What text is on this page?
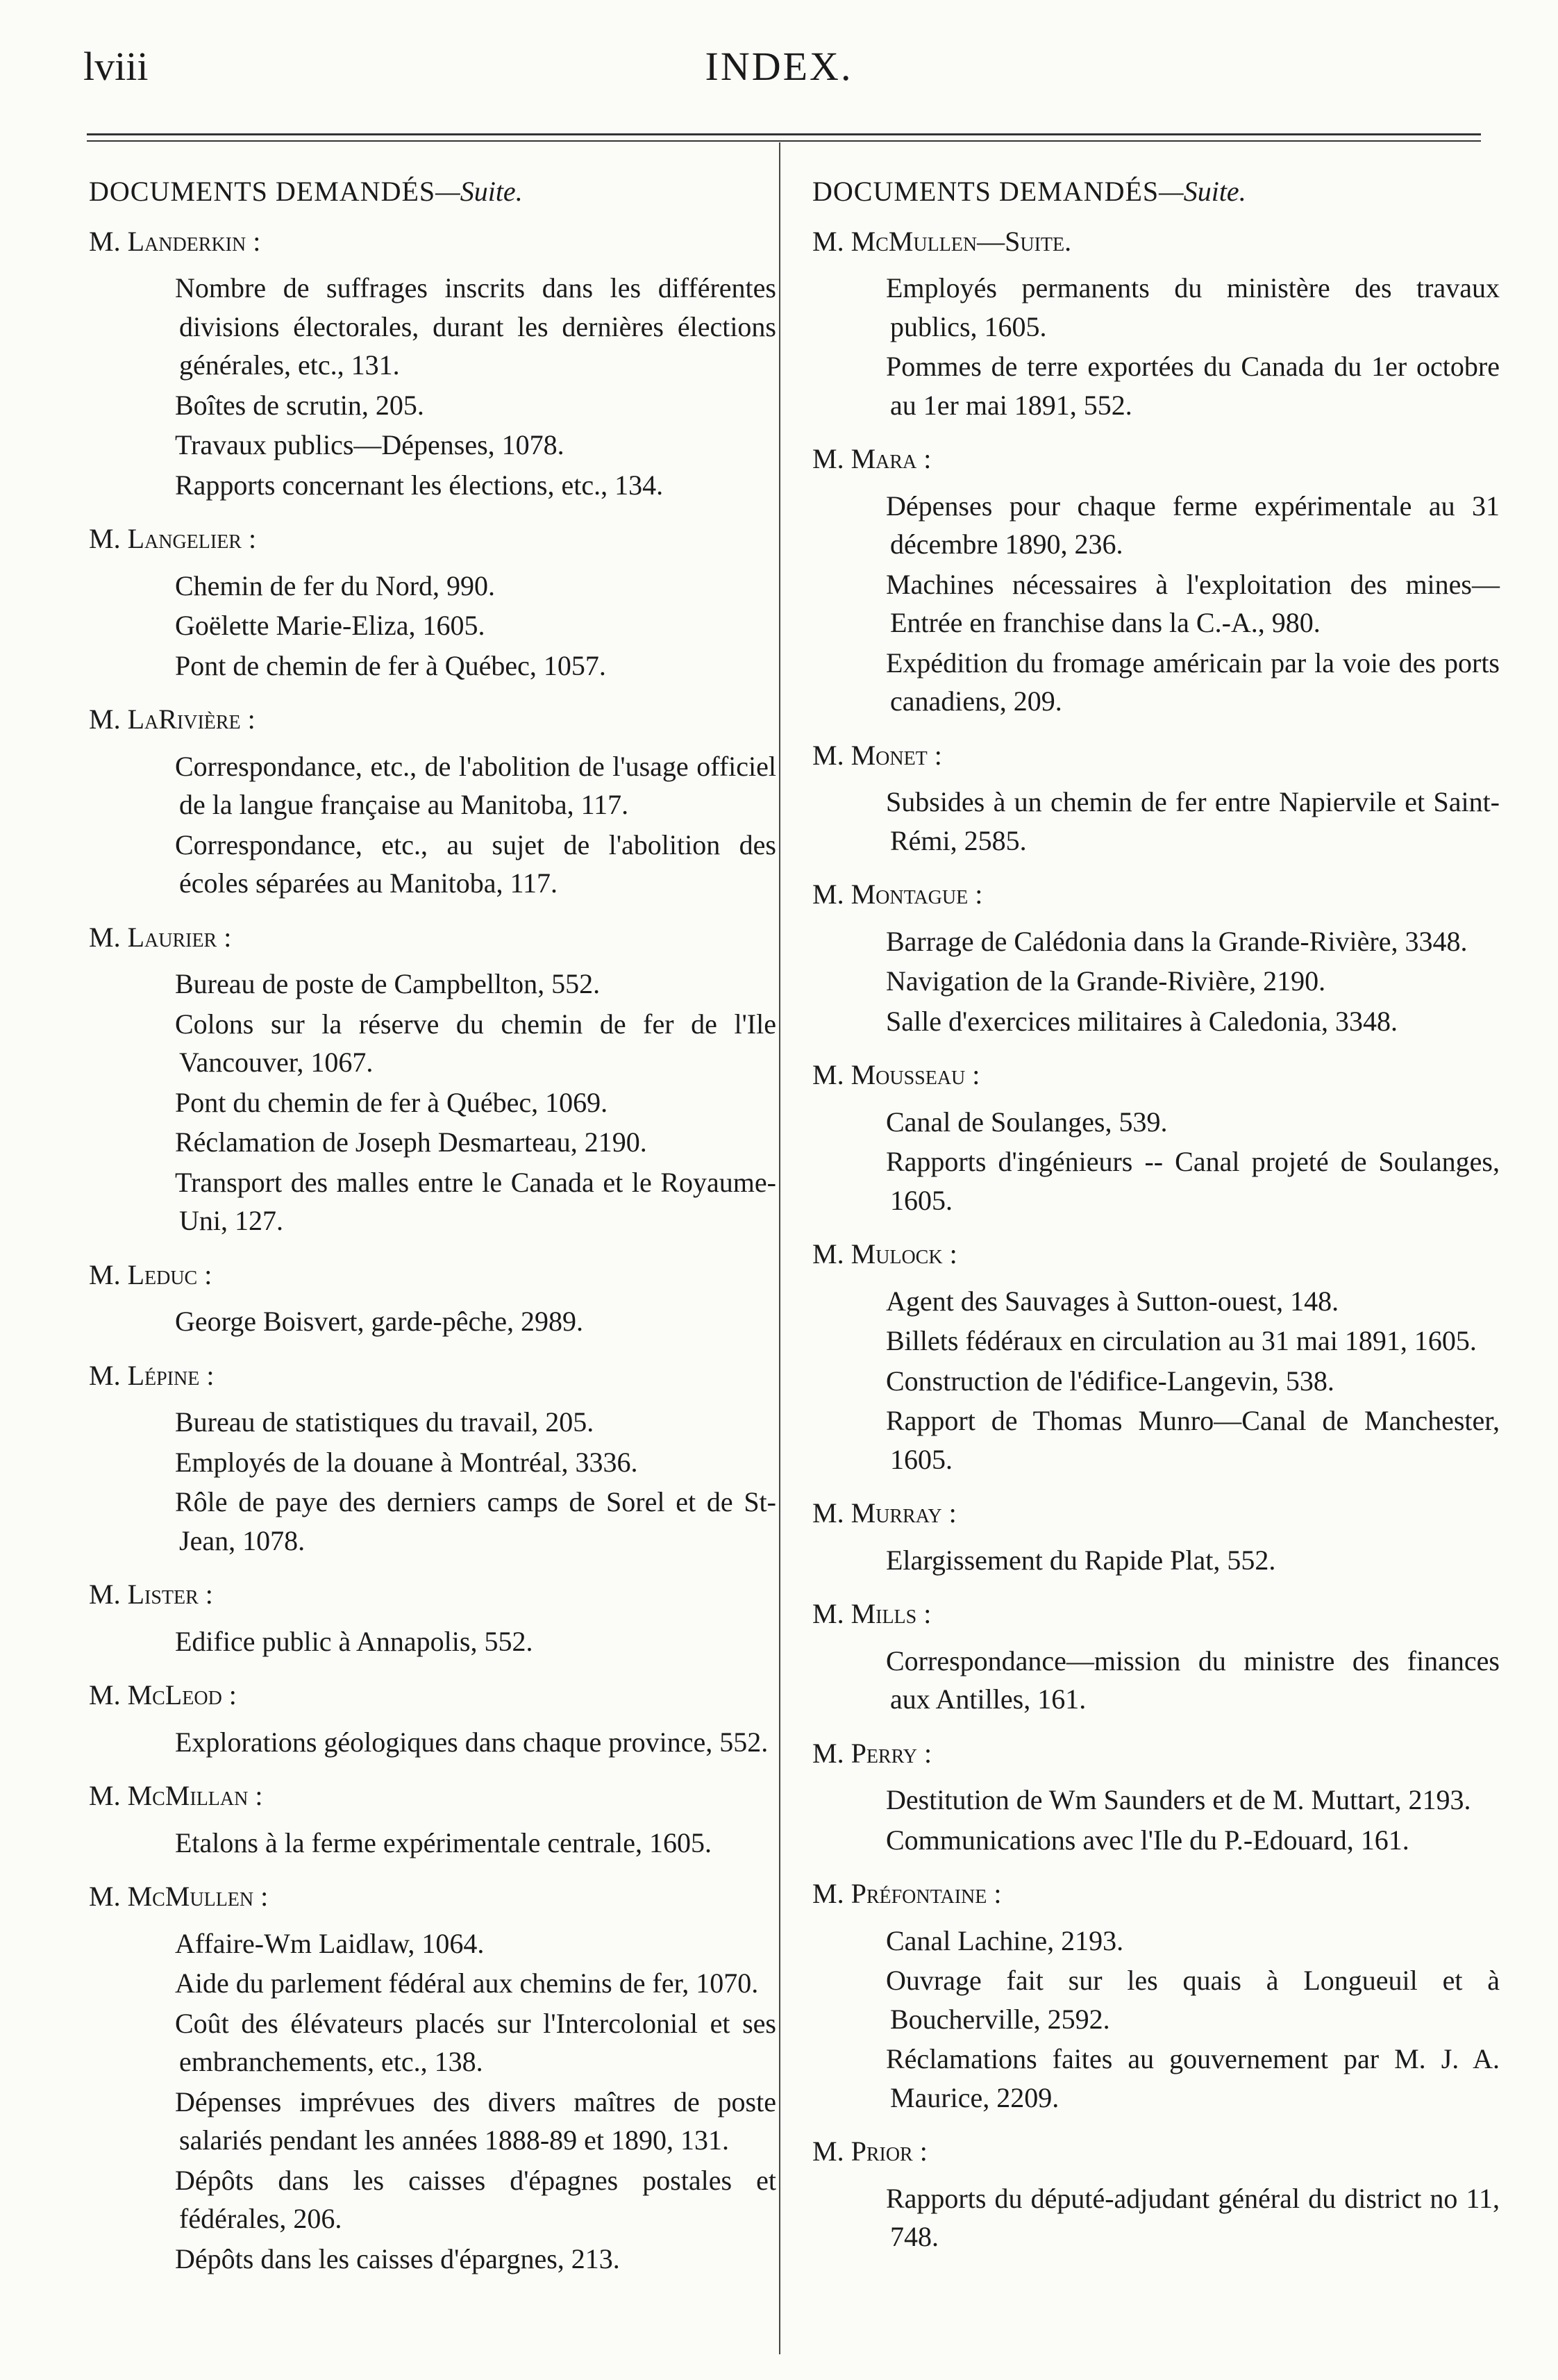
lviii	INDEX.
DOCUMENTS DEMANDÉS—Suite.
M. Landerkin :
Nombre de suffrages inscrits dans les différentes divisions électorales, durant les dernières élections générales, etc., 131.
Boîtes de scrutin, 205.
Travaux publics—Dépenses, 1078.
Rapports concernant les élections, etc., 134.
M. Langelier :
Chemin de fer du Nord, 990.
Goëlette Marie-Eliza, 1605.
Pont de chemin de fer à Québec, 1057.
M. LaRivière :
Correspondance, etc., de l'abolition de l'usage officiel de la langue française au Manitoba, 117.
Correspondance, etc., au sujet de l'abolition des écoles séparées au Manitoba, 117.
M. Laurier :
Bureau de poste de Campbellton, 552.
Colons sur la réserve du chemin de fer de l'Ile Vancouver, 1067.
Pont du chemin de fer à Québec, 1069.
Réclamation de Joseph Desmarteau, 2190.
Transport des malles entre le Canada et le Royaume-Uni, 127.
M. Leduc :
George Boisvert, garde-pêche, 2989.
M. Lépine :
Bureau de statistiques du travail, 205.
Employés de la douane à Montréal, 3336.
Rôle de paye des derniers camps de Sorel et de St-Jean, 1078.
M. Lister :
Edifice public à Annapolis, 552.
M. McLeod :
Explorations géologiques dans chaque province, 552.
M. McMillan :
Etalons à la ferme expérimentale centrale, 1605.
M. McMullen :
Affaire-Wm Laidlaw, 1064.
Aide du parlement fédéral aux chemins de fer, 1070.
Coût des élévateurs placés sur l'Intercolonial et ses embranchements, etc., 138.
Dépenses imprévues des divers maîtres de poste salariés pendant les années 1888-89 et 1890, 131.
Dépôts dans les caisses d'épagnes postales et fédérales, 206.
Dépôts dans les caisses d'épargnes, 213.
DOCUMENTS DEMANDÉS—Suite.
M. McMullen—Suite.
Employés permanents du ministère des travaux publics, 1605.
Pommes de terre exportées du Canada du 1er octobre au 1er mai 1891, 552.
M. Mara :
Dépenses pour chaque ferme expérimentale au 31 décembre 1890, 236.
Machines nécessaires à l'exploitation des mines—Entrée en franchise dans la C.-A., 980.
Expédition du fromage américain par la voie des ports canadiens, 209.
M. Monet :
Subsides à un chemin de fer entre Napiervile et Saint-Rémi, 2585.
M. Montague :
Barrage de Calédonia dans la Grande-Rivière, 3348.
Navigation de la Grande-Rivière, 2190.
Salle d'exercices militaires à Caledonia, 3348.
M. Mousseau :
Canal de Soulanges, 539.
Rapports d'ingénieurs -- Canal projeté de Soulanges, 1605.
M. Mulock :
Agent des Sauvages à Sutton-ouest, 148.
Billets fédéraux en circulation au 31 mai 1891, 1605.
Construction de l'édifice-Langevin, 538.
Rapport de Thomas Munro—Canal de Manchester, 1605.
M. Murray :
Elargissement du Rapide Plat, 552.
M. Mills :
Correspondance—mission du ministre des finances aux Antilles, 161.
M. Perry :
Destitution de Wm Saunders et de M. Muttart, 2193.
Communications avec l'Ile du P.-Edouard, 161.
M. Préfontaine :
Canal Lachine, 2193.
Ouvrage fait sur les quais à Longueuil et à Boucherville, 2592.
Réclamations faites au gouvernement par M. J. A. Maurice, 2209.
M. Prior :
Rapports du député-adjudant général du district no 11, 748.
